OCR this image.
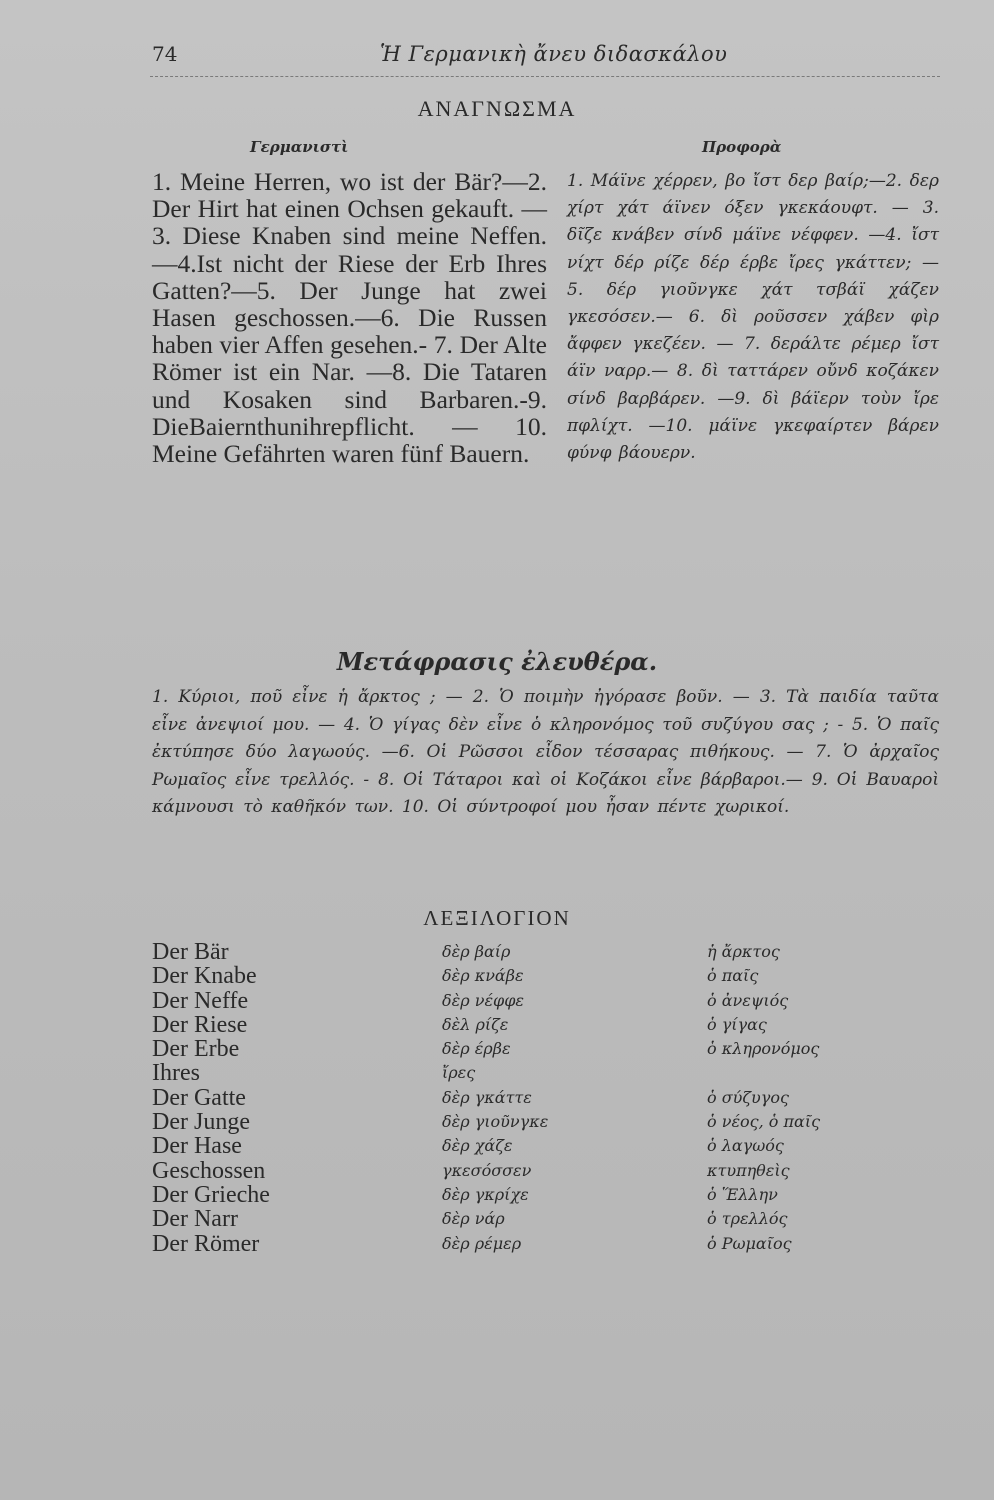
74	Ἡ Γερμανικὴ ἄνευ διδασκάλου
ΑΝΑΓΝΩΣΜΑ
Γερμανιστὶ	Προφορὰ
1. Meine Herren, wo ist der Bär?—2. Der Hirt hat einen Ochsen gekauft. —3. Diese Knaben sind meine Neffen.—4.Ist nicht der Riese der Erb Ihres Gatten?—5. Der Junge hat zwei Hasen geschossen.—6. Die Russen haben vier Affen gesehen.- 7. Der Alte Römer ist ein Nar. —8. Die Tataren und Kosaken sind Barbaren.-9. DieBaiernthunihrepflicht. — 10. Meine Gefährten waren fünf Bauern.
1. Μάϊνε χέρρεν, βο ἴστ δερ βαίρ;—2. δερ χίρτ χάτ άϊνεν όξεν γκεκάουφτ. — 3. δῖζε κνάβεν σίνδ μάϊνε νέφφεν. —4. ἴστ νίχτ δέρ ρίζε δέρ έρβε ἴρες γκάττεν; — 5. δέρ γιοῦνγκε χάτ τσβάϊ χάζεν γκεσόσεν.— 6. δὶ ροῦσσεν χάβεν φὶρ ἄφφεν γκεζέεν. — 7. δεράλτε ρέμερ ἴστ άϊν ναρρ.— 8. δὶ ταττάρεν οὔνδ κοζάκεν σίνδ βαρβάρεν. —9. δὶ βάϊερν τοὺν ἴρε πφλίχτ. —10. μάϊνε γκεφαίρτεν βάρεν φύνφ βάουερν.
Μετάφρασις ἐλευθέρα.
1. Κύριοι, ποῦ εἶνε ἡ ἄρκτος ; — 2. Ὁ ποιμὴν ἠγόρασε βοῦν. — 3. Τὰ παιδία ταῦτα εἶνε ἀνεψιοί μου. — 4. Ὁ γίγας δὲν εἶνε ὁ κληρονόμος τοῦ συζύγου σας ; - 5. Ὁ παῖς ἐκτύπησε δύο λαγωούς. —6. Οἱ Ρῶσσοι εἶδον τέσσαρας πιθήκους. — 7. Ὁ ἀρχαῖος Ρωμαῖος εἶνε τρελλός. - 8. Οἱ Τάταροι καὶ οἱ Κοζάκοι εἶνε βάρβαροι.— 9. Οἱ Βαυαροὶ κάμνουσι τὸ καθῆκόν των. 10. Οἱ σύντροφοί μου ἦσαν πέντε χωρικοί.
ΛΕΞΙΛΟΓΙΟΝ
Der Bär	δὲρ βαίρ	ἡ ἄρκτος
Der Knabe	δὲρ κνάβε	ὁ παῖς
Der Neffe	δὲρ νέφφε	ὁ ἀνεψιός
Der Riese	δὲλ ρίζε	ὁ γίγας
Der Erbe	δὲρ έρβε	ὁ κληρονόμος
Ihres	ἴρες
Der Gatte	δὲρ γκάττε	ὁ σύζυγος
Der Junge	δὲρ γιοῦνγκε	ὁ νέος, ὁ παῖς
Der Hase	δὲρ χάζε	ὁ λαγωός
Geschossen	γκεσόσσεν	κτυπηθεὶς
Der Grieche	δὲρ γκρίχε	ὁ Ἕλλην
Der Narr	δὲρ νάρ	ὁ τρελλός
Der Römer	δὲρ ρέμερ	ὁ Ρωμαῖος
